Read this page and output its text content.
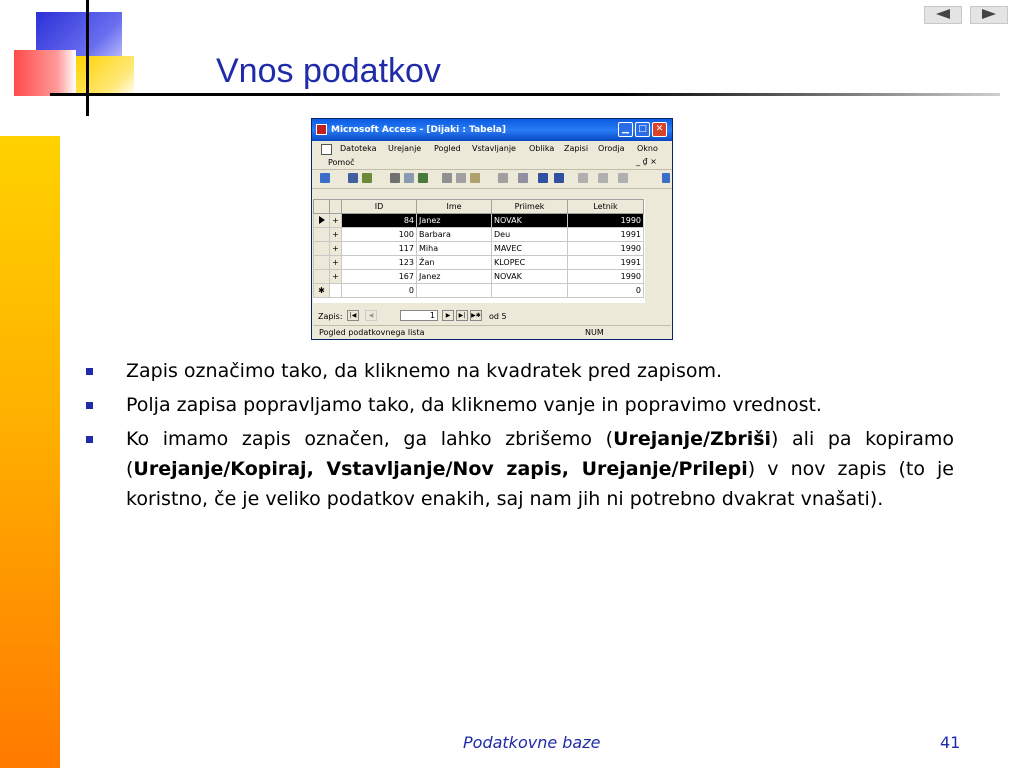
Vnos podatkov
Microsoft Access - [Dijaki : Tabela]	▁	□ ✕
Datoteka Urejanje Pogled Vstavljanje Oblika Zapisi Orodja Okno
Pomoč	_ ₫ ×
		ID	Ime	Priimek	Letnik
	+	84	Janez	NOVAK	1990
	+	100	Barbara	Deu	1991
	+	117	Miha	MAVEC	1990
	+	123	Žan	KLOPEC	1991
	+	167	Janez	NOVAK	1990
✱		0			0
Zapis:	|◀	◀	1	▶	▶| ▶✱ od 5
Pogled podatkovnega lista	NUM
Zapis označimo tako, da kliknemo na kvadratek pred zapisom.
Polja zapisa popravljamo tako, da kliknemo vanje in popravimo vrednost.
Ko imamo zapis označen, ga lahko zbrišemo (Urejanje/Zbriši) ali pa kopiramo (Urejanje/Kopiraj, Vstavljanje/Nov zapis, Urejanje/Prilepi) v nov zapis (to je koristno, če je veliko podatkov enakih, saj nam jih ni potrebno dvakrat vnašati).
Podatkovne baze	41
